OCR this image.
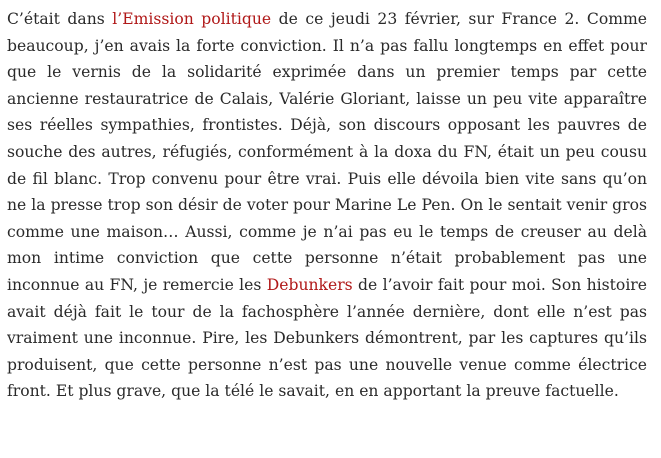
C’était dans l’Emission politique de ce jeudi 23 février, sur France 2. Comme
beaucoup, j’en avais la forte conviction. Il n’a pas fallu longtemps en effet pour
que le vernis de la solidarité exprimée dans un premier temps par cette
ancienne restauratrice de Calais, Valérie Gloriant, laisse un peu vite apparaître
ses réelles sympathies, frontistes. Déjà, son discours opposant les pauvres de
souche des autres, réfugiés, conformément à la doxa du FN, était un peu cousu
de fil blanc. Trop convenu pour être vrai. Puis elle dévoila bien vite sans qu’on
ne la presse trop son désir de voter pour Marine Le Pen. On le sentait venir gros
comme une maison… Aussi, comme je n’ai pas eu le temps de creuser au delà
mon intime conviction que cette personne n’était probablement pas une
inconnue au FN, je remercie les Debunkers de l’avoir fait pour moi. Son histoire
avait déjà fait le tour de la fachosphère l’année dernière, dont elle n’est pas
vraiment une inconnue. Pire, les Debunkers démontrent, par les captures qu’ils
produisent, que cette personne n’est pas une nouvelle venue comme électrice
front. Et plus grave, que la télé le savait, en en apportant la preuve factuelle.
